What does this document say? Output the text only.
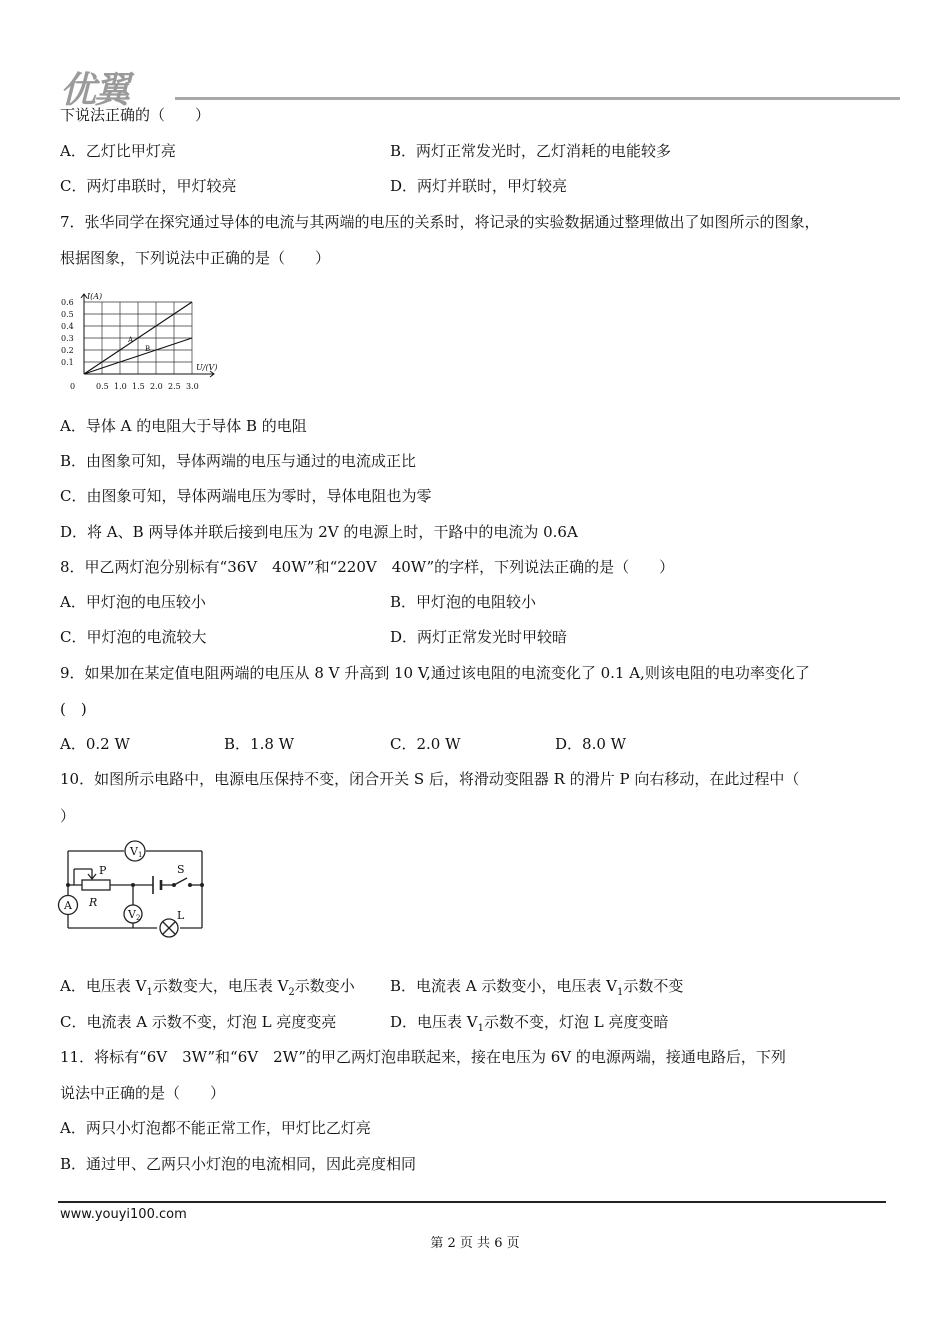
优翼
下说法正确的（　　）
A．乙灯比甲灯亮	B．两灯正常发光时，乙灯消耗的电能较多
C．两灯串联时，甲灯较亮	D．两灯并联时，甲灯较亮
7．张华同学在探究通过导体的电流与其两端的电压的关系时，将记录的实验数据通过整理做出了如图所示的图象，
根据图象，下列说法中正确的是（　　）
A
B
0.6
0.5
0.4
0.3
0.2
0.1
0.5 1.0 1.5 2.0 2.5 3.0
0
I(A)
U/(V)
A．导体 A 的电阻大于导体 B 的电阻
B．由图象可知，导体两端的电压与通过的电流成正比
C．由图象可知，导体两端电压为零时，导体电阻也为零
D．将 A、B 两导体并联后接到电压为 2V 的电源上时，干路中的电流为 0.6A
8．甲乙两灯泡分别标有“36V　40W”和“220V　40W”的字样，下列说法正确的是（　　）
A．甲灯泡的电压较小	B．甲灯泡的电阻较小
C．甲灯泡的电流较大	D．两灯正常发光时甲较暗
9．如果加在某定值电阻两端的电压从 8 V 升高到 10 V,通过该电阻的电流变化了 0.1 A,则该电阻的电功率变化了
(　)
A．0.2 W	B．1.8 W	C．2.0 W	D．8.0 W
10．如图所示电路中，电源电压保持不变，闭合开关 S 后，将滑动变阻器 R 的滑片 P 向右移动，在此过程中（
）
V1
A
V2
P
R
S
L
A．电压表 $V_1$示数变大，电压表 $V_2$示数变小 B．电流表 A 示数变小，电压表 $V_1$示数不变
C．电流表 A 示数不变，灯泡 L 亮度变亮	D．电压表 $V_1$示数不变，灯泡 L 亮度变暗
11．将标有“6V　3W”和“6V　2W”的甲乙两灯泡串联起来，接在电压为 6V 的电源两端，接通电路后，下列
说法中正确的是（　　）
A．两只小灯泡都不能正常工作，甲灯比乙灯亮
B．通过甲、乙两只小灯泡的电流相同，因此亮度相同
www.youyi100.com
第 2 页 共 6 页
